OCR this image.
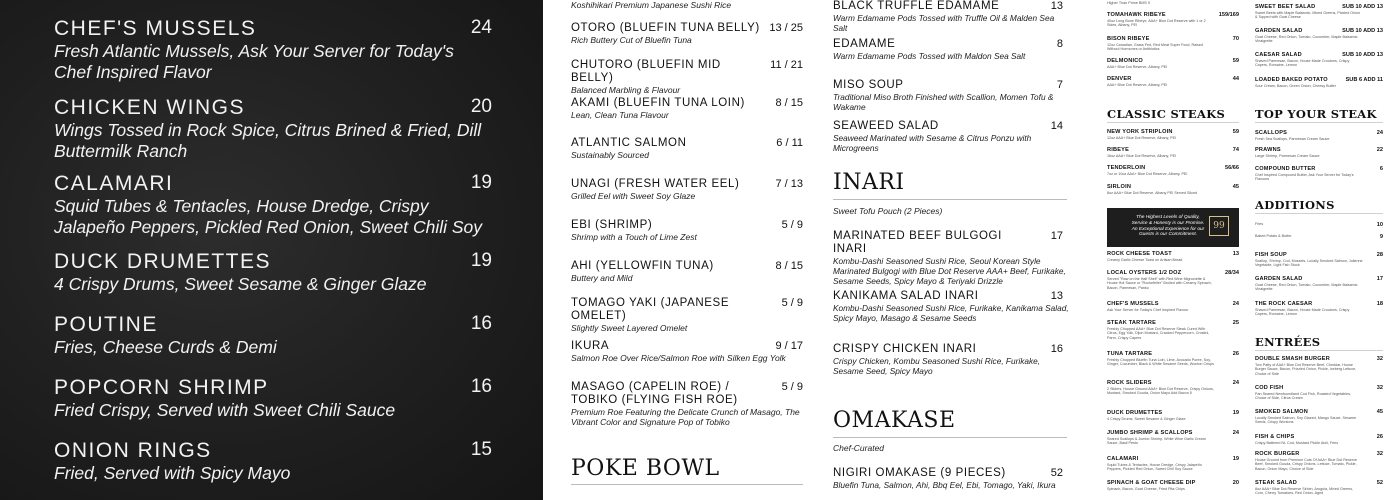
CHEF'S MUSSELS
Fresh Atlantic Mussels, Ask Your Server for Today's Chef Inspired Flavor
24
CHICKEN WINGS
Wings Tossed in Rock Spice, Citrus Brined & Fried, Dill Buttermilk Ranch
20
CALAMARI
Squid Tubes & Tentacles, House Dredge, Crispy Jalapeño Peppers, Pickled Red Onion, Sweet Chili Soy
19
DUCK DRUMETTES
4 Crispy Drums, Sweet Sesame & Ginger Glaze
19
POUTINE
Fries, Cheese Curds & Demi
16
POPCORN SHRIMP
Fried Crispy, Served with Sweet Chili Sauce
16
ONION RINGS
Fried, Served with Spicy Mayo
15
Koshihikari Premium Japanese Sushi Rice
POKE BOWL
OTORO (BLUEFIN TUNA BELLY)
Rich Buttery Cut of Bluefin Tuna
13 / 25
CHUTORO (BLUEFIN MID BELLY)
Balanced Marbling & Flavour
11 / 21
AKAMI (BLUEFIN TUNA LOIN)
Lean, Clean Tuna Flavour
8 / 15
ATLANTIC SALMON
Sustainably Sourced
6 / 11
UNAGI (FRESH WATER EEL)
Grilled Eel with Sweet Soy Glaze
7 / 13
EBI (SHRIMP)
Shrimp with a Touch of Lime Zest
5 / 9
AHI (YELLOWFIN TUNA)
Buttery and Mild
8 / 15
TOMAGO YAKI (JAPANESE OMELET)
Slightly Sweet Layered Omelet
5 / 9
IKURA
Salmon Roe Over Rice/Salmon Roe with Silken Egg Yolk
9 / 17
MASAGO (CAPELIN ROE) / TOBIKO (FLYING FISH ROE)
Premium Roe Featuring the Delicate Crunch of Masago, The Vibrant Color and Signature Pop of Tobiko
5 / 9
INARI
Sweet Tofu Pouch (2 Pieces)
OMAKASE
Chef-Curated
BLACK TRUFFLE EDAMAME
Warm Edamame Pods Tossed with Truffle Oil & Malden Sea Salt
13
EDAMAME
Warm Edamame Pods Tossed with Maldon Sea Salt
8
MISO SOUP
Traditional Miso Broth Finished with Scallion, Momen Tofu & Wakame
7
SEAWEED SALAD
Seaweed Marinated with Sesame & Citrus Ponzu with Microgreens
14
MARINATED BEEF BULGOGI INARI
Kombu-Dashi Seasoned Sushi Rice, Seoul Korean Style Marinated Bulgogi with Blue Dot Reserve AAA+ Beef, Furikake, Sesame Seeds, Spicy Mayo & Teriyaki Drizzle
17
KANIKAMA SALAD INARI
Kombu-Dashi Seasoned Sushi Rice, Furikake, Kanikama Salad, Spicy Mayo, Masago & Sesame Seeds
13
CRISPY CHICKEN INARI
Crispy Chicken, Kombu Seasoned Sushi Rice, Furikake, Sesame Seed, Spicy Mayo
16
NIGIRI OMAKASE (9 PIECES)
Bluefin Tuna, Salmon, Ahi, Bbq Eel, Ebi, Tomago, Yaki, Ikura
52
CLASSIC STEAKS
The Highest Levels of Quality, Service & Honesty is our Promise. An Exceptional Experience for our Guests is our Commitment.
99
Higher Than Prime BMS 9
TOMAHAWK RIBEYE
40oz Long Bone Ribeye, AAA+ Blue Dot Reserve with 1 or 2 Sides, Albany, PEI
159/169
BISON RIBEYE
12oz Canadian, Grass Fed, Red Meat Super Food, Raised Without Hormones or Antibiotics
70
DELMONICO
AAA+ Blue Dot Reserve, Albany, PEI
59
DENVER
AAA+ Blue Dot Reserve, Albany, PEI
44
NEW YORK STRIPLOIN
12oz AAA+ Blue Dot Reserve, Albany, PEI
59
RIBEYE
16oz AAA+ Blue Dot Reserve, Albany, PEI
74
TENDERLOIN
7oz or 10oz AAA+ Blue Dot Reserve, Albany, PEI
56/66
SIRLOIN
8oz AAA+ Blue Dot Reserve, Albany PEI Served Sliced
45
ROCK CHEESE TOAST
Creamy Garlic Cheese Toast on Artisan Bread
13
LOCAL OYSTERS 1/2 DOZ
Served "Raw on the Half Shell" with Red Wine Mignonette & House Hot Sauce or "Rockefeller" Broiled with Creamy Spinach, Bacon, Parmesan, Panko
28/34
CHEF'S MUSSELS
Ask Your Server for Today's Chef Inspired Flavour
24
STEAK TARTARE
Freshly Chopped AAA+ Blue Dot Reserve Steak Cured With Citrus, Egg Yolk, Dijon Mustard, Cracked Peppercorn, Crostini, Parm, Crispy Capers
25
TUNA TARTARE
Freshly Chopped Bluefin Tuna Loin, Lime, Avocado Puree, Soy, Ginger, Cucumber, Black & White Sesame Seeds, Wonton Crisps
26
ROCK SLIDERS
2 Sliders, House Ground AAA+ Blue Dot Reserve, Crispy Onions, Mustard, Smoked Gouda, Onion Mayo Add Bacon 5
24
DUCK DRUMETTES
4 Crispy Drums, Sweet Sesame & Ginger Glaze
19
JUMBO SHRIMP & SCALLOPS
Seared Scallops & Jumbo Shrimp, White Wine Garlic Cream Sauce, Basil Pesto
24
CALAMARI
Squid Tubes & Tentacles, House Dredge, Crispy Jalapeño Peppers, Pickled Red Onion, Sweet Chili Soy Sauce
19
SPINACH & GOAT CHEESE DIP
Spinach, Bacon, Goat Cheese, Fried Pita Chips
20
TOP YOUR STEAK
ADDITIONS
ENTRÉES
SWEET BEET SALAD
Sweet Beets with Maple Balsamic, Mixed Greens, Pickled Onion & Topped with Goat Cheese
SUB 10 ADD 13
GARDEN SALAD
Goat Cheese, Red Onion, Tomato, Cucumber, Maple Balsamic Vinaigrette
SUB 10 ADD 13
CAESAR SALAD
Shaved Parmesan, Bacon, House Made Croutons, Crispy Capers, Romaine, Lemon
SUB 10 ADD 13
LOADED BAKED POTATO
Sour Cream, Bacon, Green Onion, Cheesy Butter
SUB 6 ADD 11
SCALLOPS
Fresh Sea Scallops, Parmesan Cream Sauce
24
PRAWNS
Large Shrimp, Parmesan Cream Sauce
22
COMPOUND BUTTER
Chef Inspired Compound Butter, Ask Your Server for Today's Flavours
6
Fries	10
Baked Potato & Butter	9
FISH SOUP
Scallop, Shrimp, Cod, Mussels, Locally Smoked Salmon, Julienne Vegetable, Light Fish Stock
28
GARDEN SALAD
Goat Cheese, Red Onion, Tomato, Cucumber, Maple Balsamic Vinaigrette
17
THE ROCK CAESAR
Shaved Parmesan, Bacon, House Made Croutons, Crispy Capers, Romaine, Lemon
18
DOUBLE SMASH BURGER
Two Patty of AAA+ Blue Dot Reserve Beef, Cheddar, House Burger Sauce, Bacon, Frizzled Onion, Pickle, Iceberg Lettuce, Choice of Side
32
COD FISH
Pan Seared Newfoundland Cod Fish, Roasted Vegetables, Choice of Side, Citrus Cream
32
SMOKED SALMON
Locally Smoked Salmon, Soy Glazed, Mango Sauce, Sesame Seeds, Crispy Wontons
45
FISH & CHIPS
Crispy Battered NL Cod, Mustard Pickle Aioli, Fries
26
ROCK BURGER
House Ground from Premium Cuts Of AAA+ Blue Dot Reserve Beef, Smoked Gouda, Crispy Onions, Lettuce, Tomato, Pickle, Bacon, Onion Mayo, Choice of Side
32
STEAK SALAD
8oz AAA+ Blue Dot Reserve Sirloin, Arugula, Mixed Greens, Corn, Cherry Tomatoes, Red Onion, Aged
52
